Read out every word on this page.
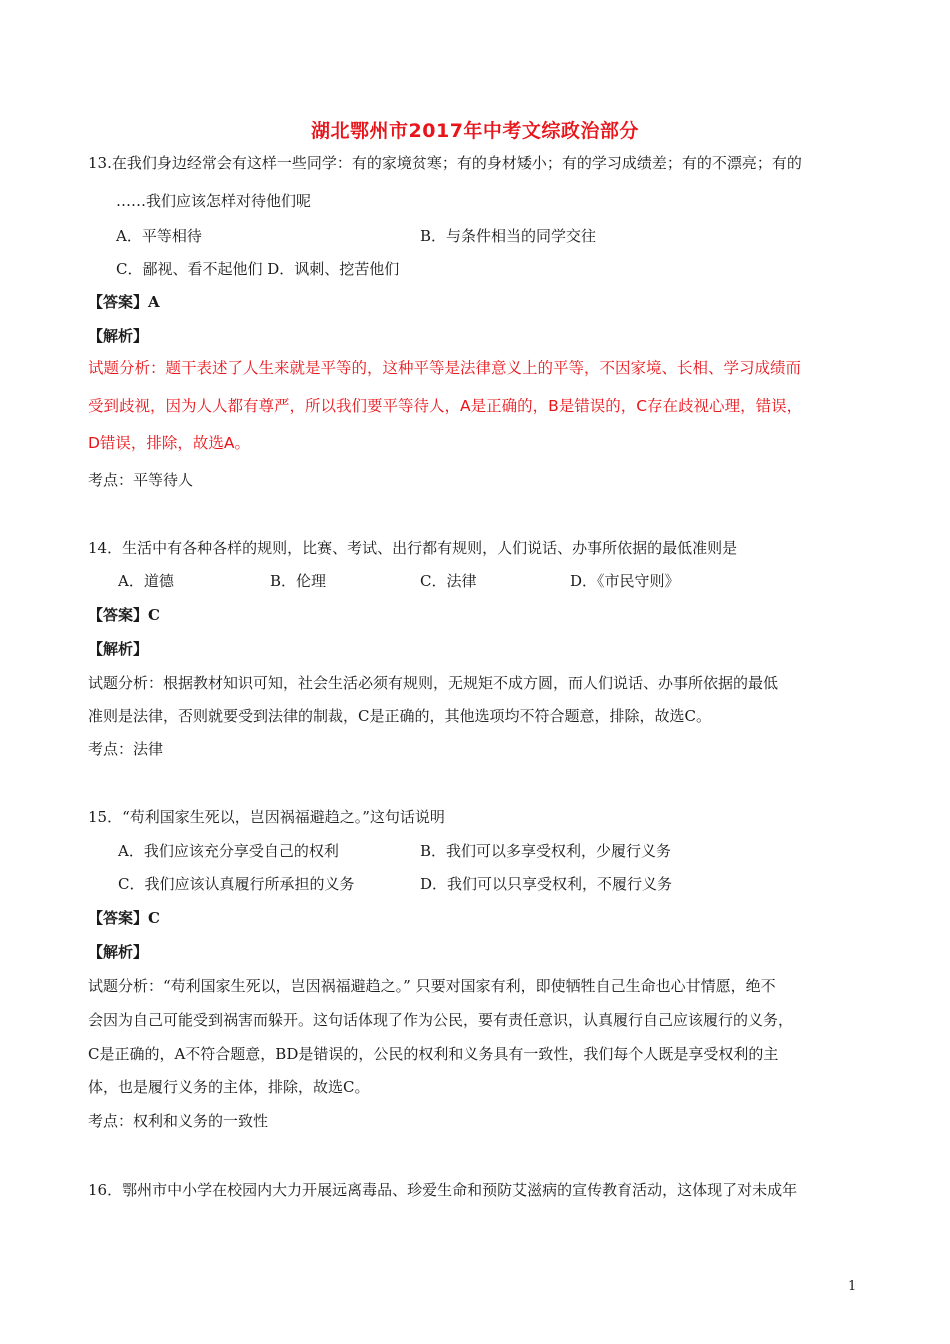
湖北鄂州市2017年中考文综政治部分
13.在我们身边经常会有这样一些同学：有的家境贫寒；有的身材矮小；有的学习成绩差；有的不漂亮；有的
……我们应该怎样对待他们呢
A．平等相待	B．与条件相当的同学交往
C．鄙视、看不起他们 D．讽刺、挖苦他们
【答案】A
【解析】
试题分析：题干表述了人生来就是平等的，这种平等是法律意义上的平等，不因家境、长相、学习成绩而
受到歧视，因为人人都有尊严，所以我们要平等待人，A是正确的，B是错误的，C存在歧视心理，错误，
D错误，排除，故选A。
考点：平等待人
14．生活中有各种各样的规则，比赛、考试、出行都有规则，人们说话、办事所依据的最低准则是
A．道德	B．伦理	C．法律	D．《市民守则》
【答案】C
【解析】
试题分析：根据教材知识可知，社会生活必须有规则，无规矩不成方圆，而人们说话、办事所依据的最低
准则是法律，否则就要受到法律的制裁，C是正确的，其他选项均不符合题意，排除，故选C。
考点：法律
15．“苟利国家生死以，岂因祸福避趋之。”这句话说明
A．我们应该充分享受自己的权利	B．我们可以多享受权利，少履行义务
C．我们应该认真履行所承担的义务	D．我们可以只享受权利，不履行义务
【答案】C
【解析】
试题分析：“苟利国家生死以，岂因祸福避趋之。” 只要对国家有利，即使牺牲自己生命也心甘情愿，绝不
会因为自己可能受到祸害而躲开。这句话体现了作为公民，要有责任意识，认真履行自己应该履行的义务，
C是正确的，A不符合题意，BD是错误的，公民的权利和义务具有一致性，我们每个人既是享受权利的主
体，也是履行义务的主体，排除，故选C。
考点：权利和义务的一致性
16．鄂州市中小学在校园内大力开展远离毒品、珍爱生命和预防艾滋病的宣传教育活动，这体现了对未成年
1
